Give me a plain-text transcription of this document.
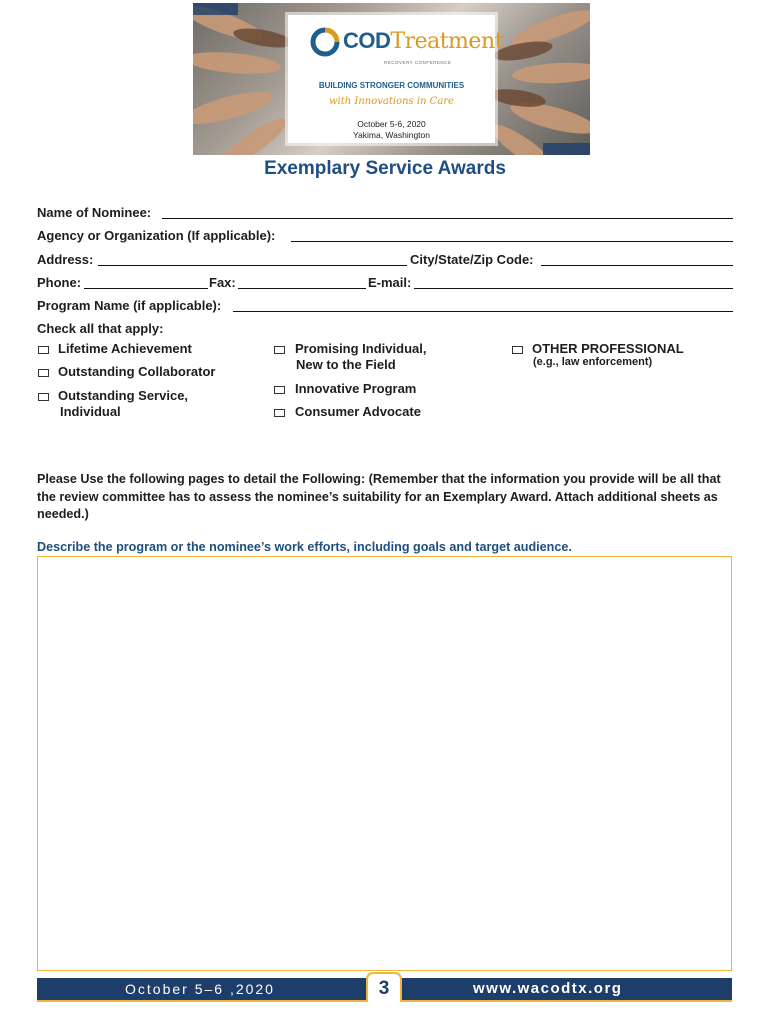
CODTreatment
RECOVERY CONFERENCE
BUILDING STRONGER COMMUNITIES
with Innovations in Care
October 5-6, 2020
Yakima, Washington
Exemplary Service Awards
Name of Nominee:
Agency or Organization (If applicable):
Address:	City/State/Zip Code:
Phone:	Fax:	E-mail:
Program Name (if applicable):
Check all that apply:
Lifetime Achievement
Outstanding Collaborator
Outstanding Service,
Individual
Promising Individual,
New to the Field
Innovative Program
Consumer Advocate
OTHER PROFESSIONAL
(e.g., law enforcement)
Please Use the following pages to detail the Following: (Remember that the information you provide will be all that the review committee has to assess the nominee’s suitability for an Exemplary Award. Attach additional sheets as needed.)
Describe the program or the nominee’s work efforts, including goals and target audience.
October 5–6 ,2020	3	www.wacodtx.org
